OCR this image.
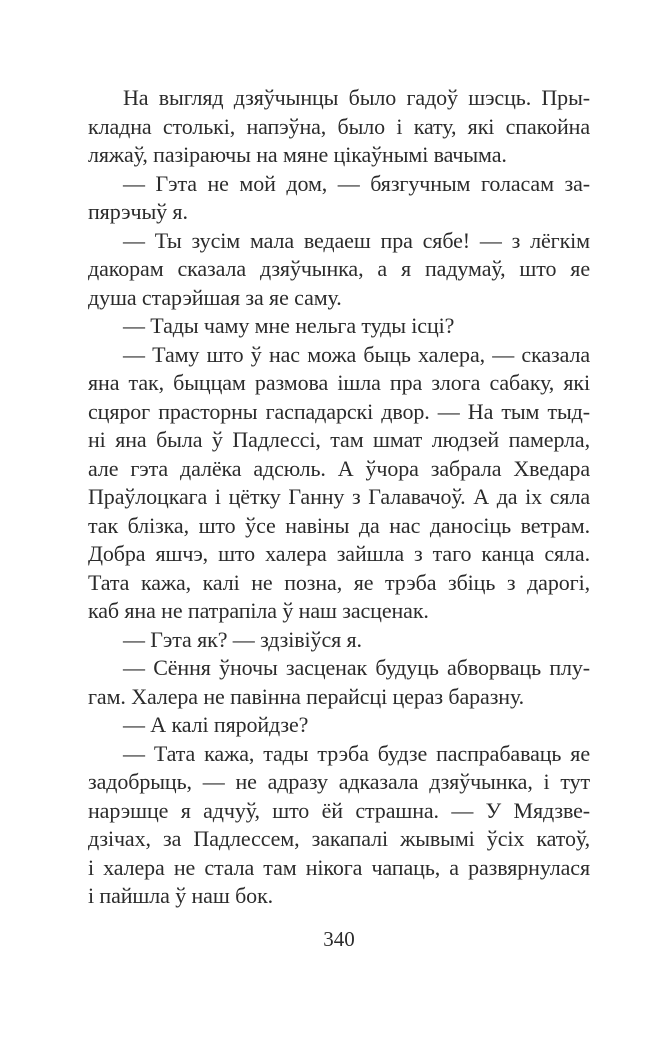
На выгляд дзяўчынцы было гадоў шэсць. Пры-
кладна столькі, напэўна, было і кату, які спакойна
ляжаў, пазіраючы на мяне цікаўнымі вачыма.
— Гэта не мой дом, — бязгучным голасам за-
пярэчыў я.
— Ты зусім мала ведаеш пра сябе! — з лёгкім
дакорам сказала дзяўчынка, а я падумаў, што яе
душа старэйшая за яе саму.
— Тады чаму мне нельга туды ісці?
— Таму што ў нас можа быць халера, — сказала
яна так, быццам размова ішла пра злога сабаку, які
сцярог прасторны гаспадарскі двор. — На тым тыд-
ні яна была ў Падлессі, там шмат людзей памерла,
але гэта далёка адсюль. А ўчора забрала Хведара
Праўлоцкага і цётку Ганну з Галавачоў. А да іх сяла
так блізка, што ўсе навіны да нас даносіць ветрам.
Добра яшчэ, што халера зайшла з таго канца сяла.
Тата кажа, калі не позна, яе трэба збіць з дарогі,
каб яна не патрапіла ў наш засценак.
— Гэта як? — здзівіўся я.
— Сёння ўночы засценак будуць абворваць плу-
гам. Халера не павінна перайсці цераз баразну.
— А калі пяройдзе?
— Тата кажа, тады трэба будзе паспрабаваць яе
задобрыць, — не адразу адказала дзяўчынка, і тут
нарэшце я адчуў, што ёй страшна. — У Мядзве-
дзічах, за Падлессем, закапалі жывымі ўсіх катоў,
і халера не стала там нікога чапаць, а развярнулася
і пайшла ў наш бок.
340
